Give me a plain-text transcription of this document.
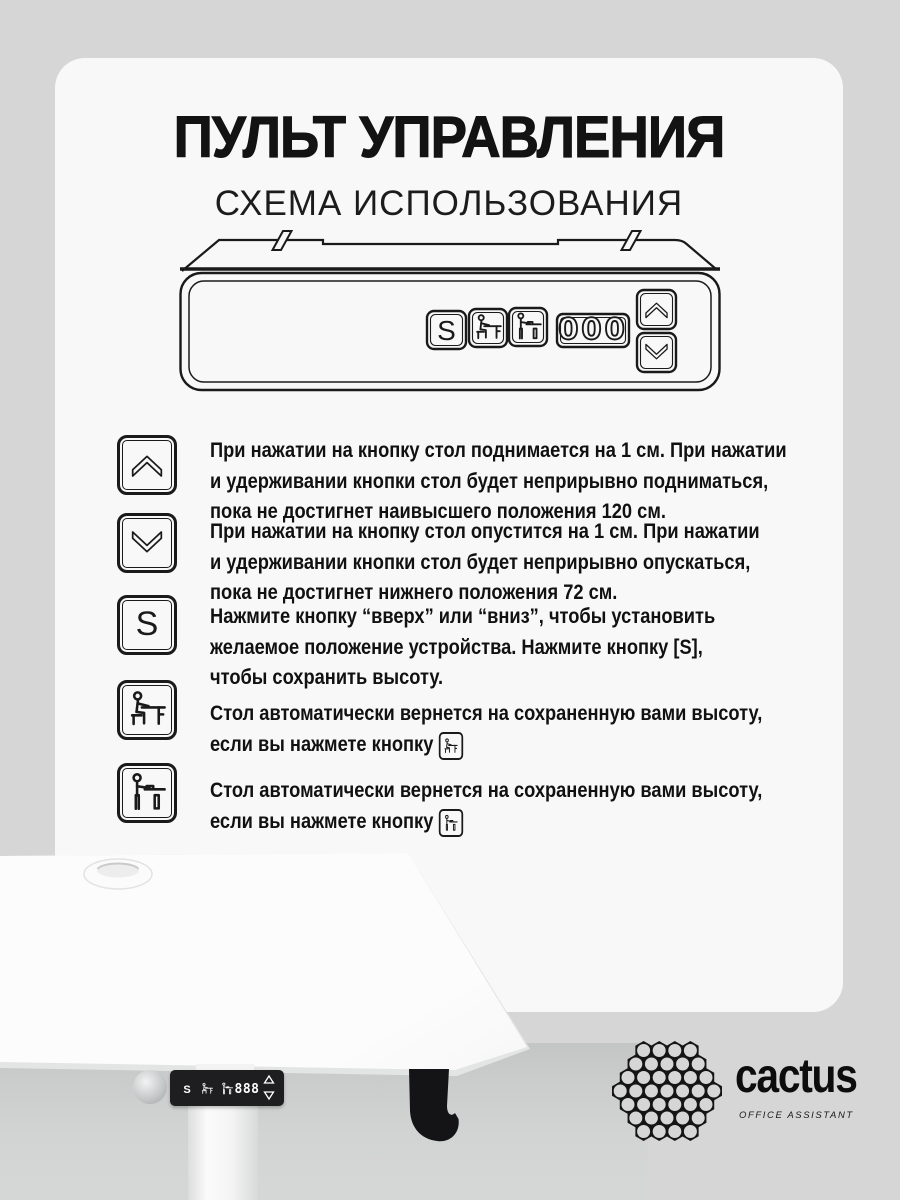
ПУЛЬТ УПРАВЛЕНИЯ
СХЕМА ИСПОЛЬЗОВАНИЯ
S	000
При нажатии на кнопку стол поднимается на 1 см. При нажатии
и удерживании кнопки стол будет неприрывно подниматься,
пока не достигнет наивысшего положения 120 см.
При нажатии на кнопку стол опустится на 1 см. При нажатии
и удерживании кнопки стол будет неприрывно опускаться,
пока не достигнет нижнего положения 72 см.
S Нажмите кнопку “вверх” или “вниз”, чтобы установить
желаемое положение устройства. Нажмите кнопку [S],
чтобы сохранить высоту.
Стол автоматически вернется на сохраненную вами высоту,
если вы нажмете кнопку
Стол автоматически вернется на сохраненную вами высоту,
если вы нажмете кнопку
S	888	cactus
OFFICE ASSISTANT
